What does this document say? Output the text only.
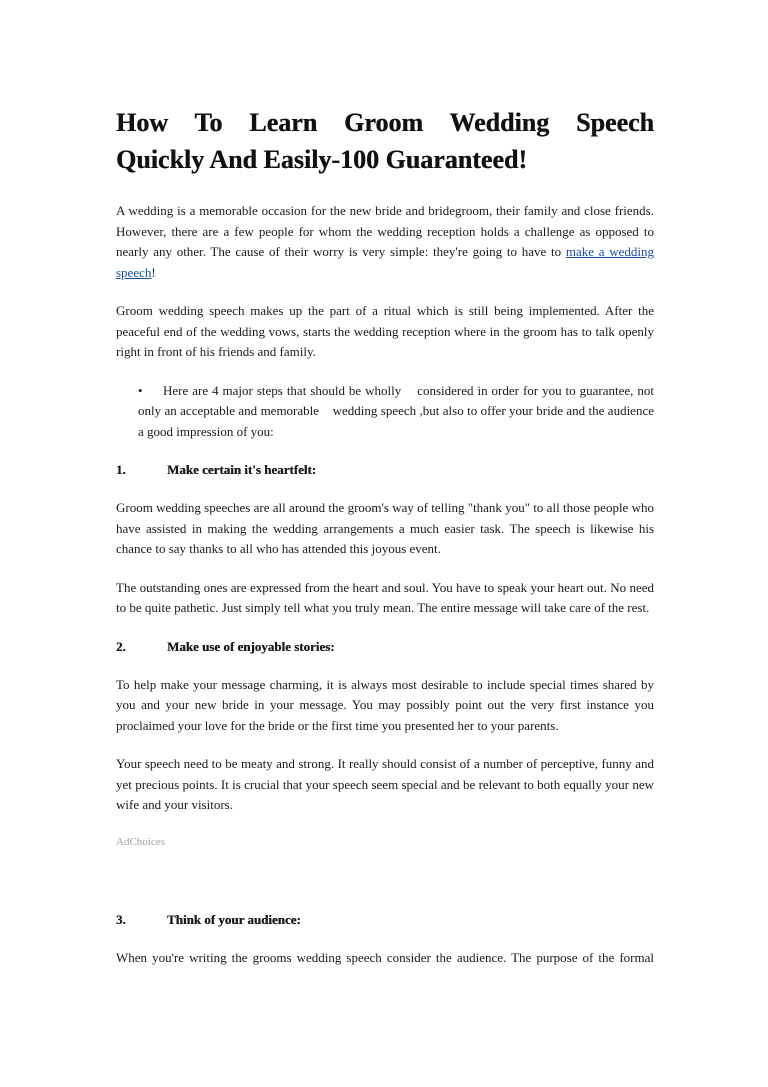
How To Learn Groom Wedding Speech
Quickly And Easily-100 Guaranteed!

A wedding is a memorable occasion for the new bride and bridegroom, their family and close friends. However, there are a few people for whom the wedding reception holds a challenge as opposed to nearly any other. The cause of their worry is very simple: they're going to have to make a wedding speech!

Groom wedding speech makes up the part of a ritual which is still being implemented. After the peaceful end of the wedding vows, starts the wedding reception where in the groom has to talk openly right in front of his friends and family.

•	Here are 4 major steps that should be wholly    considered in order for you to guarantee, not only an acceptable and memorable    wedding speech ,but also to offer your bride and the audience a good impression of you:
1.	Make certain it's heartfelt:

Groom wedding speeches are all around the groom's way of telling "thank you" to all those people who have assisted in making the wedding arrangements a much easier task. The speech is likewise his chance to say thanks to all who has attended this joyous event.

The outstanding ones are expressed from the heart and soul. You have to speak your heart out. No need to be quite pathetic. Just simply tell what you truly mean. The entire message will take care of the rest.

2.	Make use of enjoyable stories:

To help make your message charming, it is always most desirable to include special times shared by you and your new bride in your message. You may possibly point out the very first instance you proclaimed your love for the bride or the first time you presented her to your parents.

Your speech need to be meaty and strong. It really should consist of a number of perceptive, funny and yet precious points. It is crucial that your speech seem special and be relevant to both equally your new wife and your visitors.

AdChoices
3.	Think of your audience:

When you're writing the grooms wedding speech consider the audience. The purpose of the formal
